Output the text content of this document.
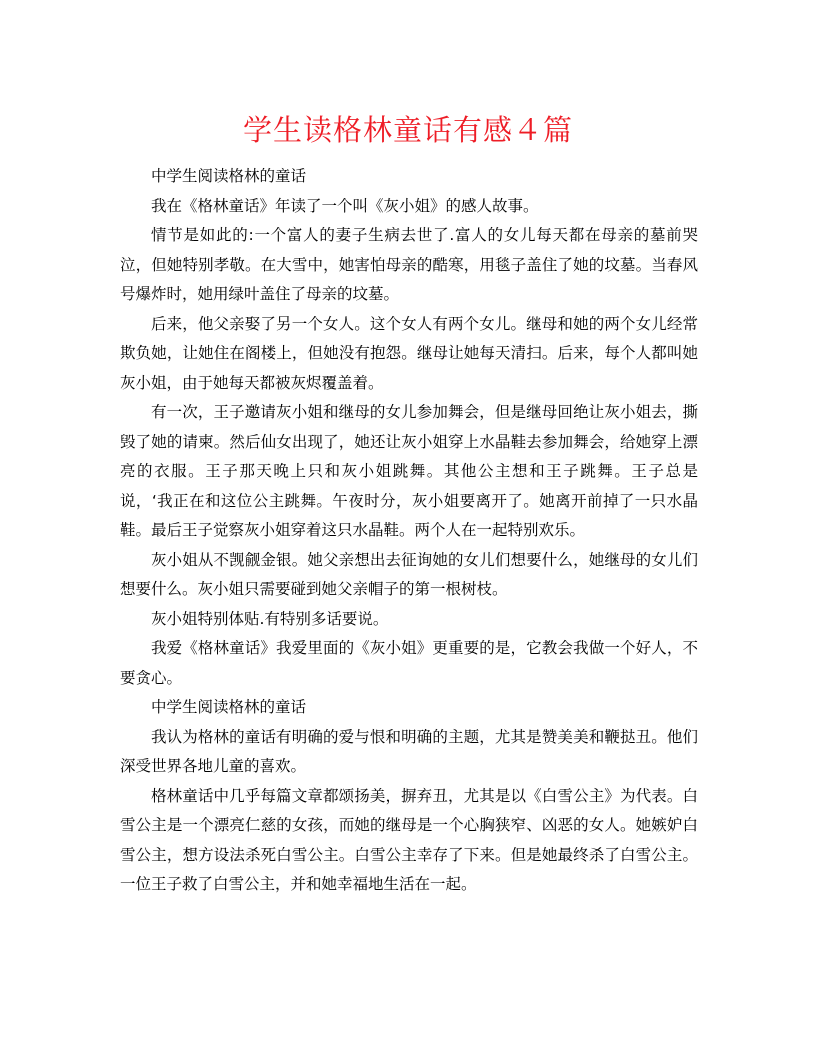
学生读格林童话有感４篇

中学生阅读格林的童话

我在《格林童话》年读了一个叫《灰小姐》的感人故事。

情节是如此的:一个富人的妻子生病去世了.富人的女儿每天都在母亲的墓前哭泣，但她特别孝敬。在大雪中，她害怕母亲的酷寒，用毯子盖住了她的坟墓。当春风号爆炸时，她用绿叶盖住了母亲的坟墓。

后来，他父亲娶了另一个女人。这个女人有两个女儿。继母和她的两个女儿经常欺负她，让她住在阁楼上，但她没有抱怨。继母让她每天清扫。后来，每个人都叫她灰小姐，由于她每天都被灰烬覆盖着。

有一次，王子邀请灰小姐和继母的女儿参加舞会，但是继母回绝让灰小姐去，撕毁了她的请柬。然后仙女出现了，她还让灰小姐穿上水晶鞋去参加舞会，给她穿上漂亮的衣服。王子那天晚上只和灰小姐跳舞。其他公主想和王子跳舞。王子总是说，‘我正在和这位公主跳舞。午夜时分，灰小姐要离开了。她离开前掉了一只水晶鞋。最后王子觉察灰小姐穿着这只水晶鞋。两个人在一起特别欢乐。

灰小姐从不觊觎金银。她父亲想出去征询她的女儿们想要什么，她继母的女儿们想要什么。灰小姐只需要碰到她父亲帽子的第一根树枝。

灰小姐特别体贴.有特别多话要说。

我爱《格林童话》我爱里面的《灰小姐》更重要的是，它教会我做一个好人，不要贪心。

中学生阅读格林的童话

我认为格林的童话有明确的爱与恨和明确的主题，尤其是赞美美和鞭挞丑。他们深受世界各地儿童的喜欢。

格林童话中几乎每篇文章都颂扬美，摒弃丑，尤其是以《白雪公主》为代表。白雪公主是一个漂亮仁慈的女孩，而她的继母是一个心胸狭窄、凶恶的女人。她嫉妒白雪公主，想方设法杀死白雪公主。白雪公主幸存了下来。但是她最终杀了白雪公主。一位王子救了白雪公主，并和她幸福地生活在一起。
